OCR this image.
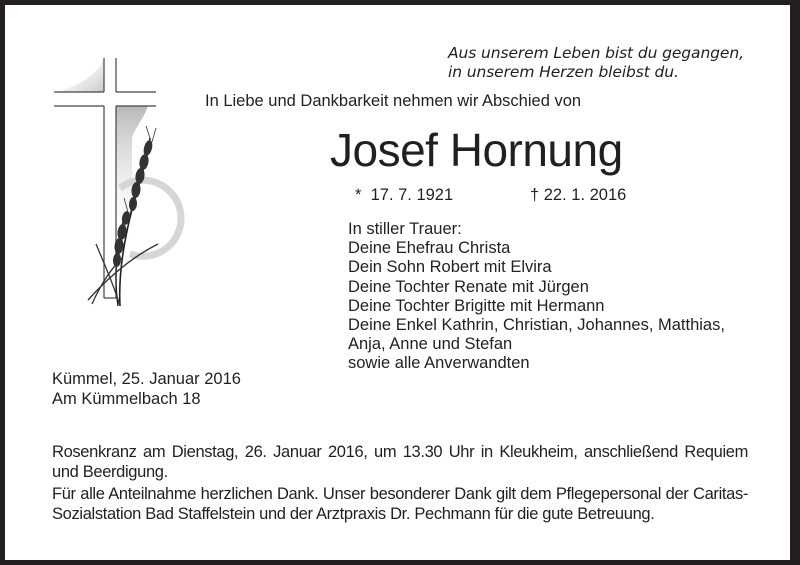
Aus unserem Leben bist du gegangen,
in unserem Herzen bleibst du.
In Liebe und Dankbarkeit nehmen wir Abschied von
Josef Hornung

*  17. 7. 1921

	† 22. 1. 2016

In stiller Trauer:
Deine Ehefrau Christa
Dein Sohn Robert mit Elvira
Deine Tochter Renate mit Jürgen
Deine Tochter Brigitte mit Hermann
Deine Enkel Kathrin, Christian, Johannes, Matthias,
Anja, Anne und Stefan
sowie alle Anverwandten
Kümmel, 25. Januar 2016
Am Kümmelbach 18

Rosenkranz am Dienstag, 26. Januar 2016, um 13.30 Uhr in Kleukheim, anschließend Requiem und Beerdigung.

Für alle Anteilnahme herzlichen Dank. Unser besonderer Dank gilt dem Pflegepersonal der Caritas-Sozialstation Bad Staffelstein und der Arztpraxis Dr. Pechmann für die gute Betreuung.
